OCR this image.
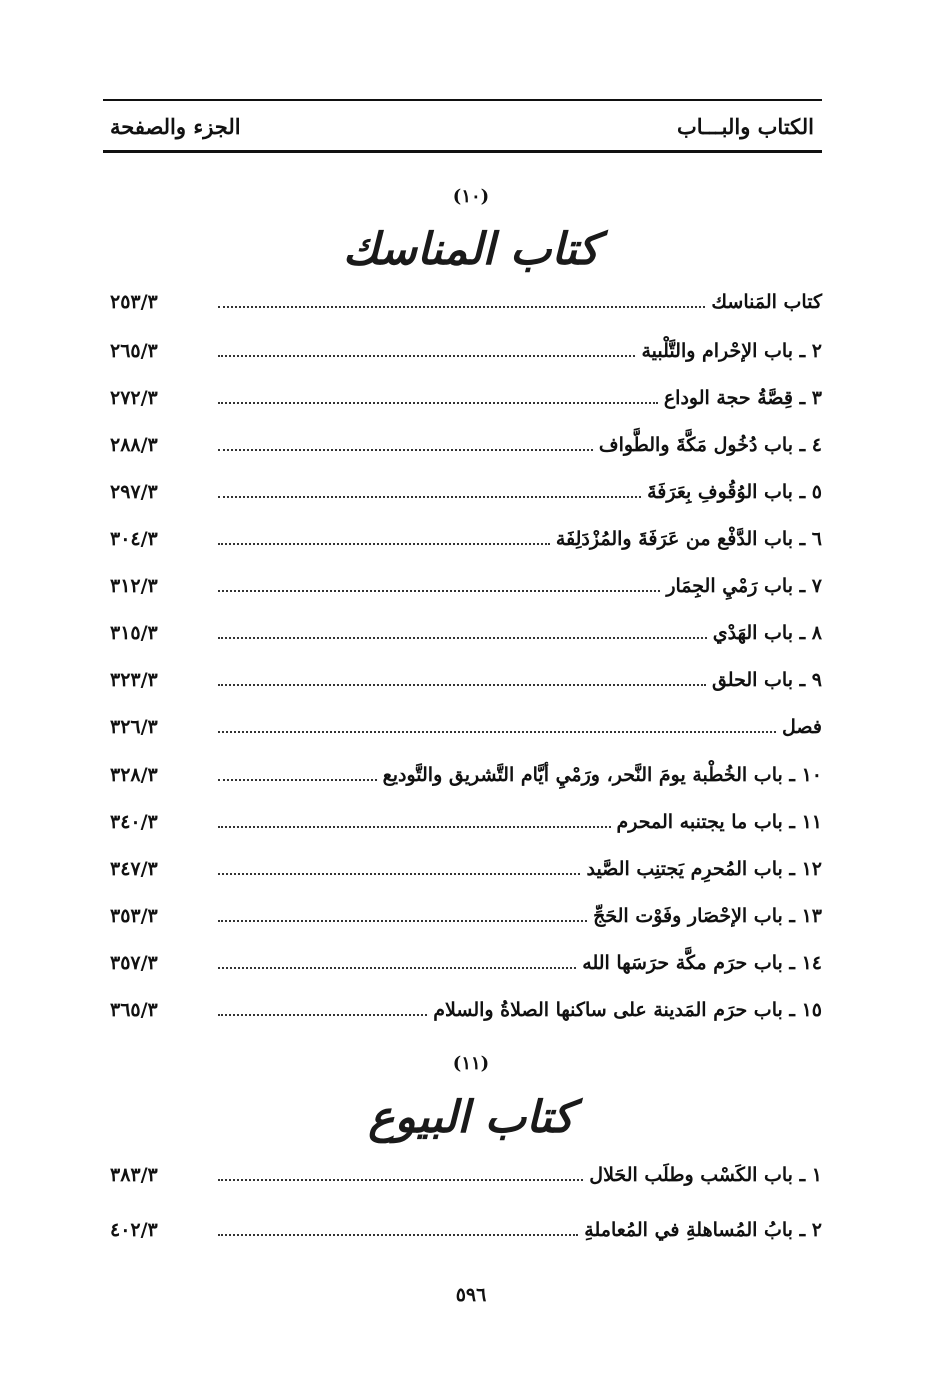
الكتاب والبـــاب
الجزء والصفحة
(١٠)
كتاب المناسك
كتاب المَناسك
٢٥٣/٣
٢ ـ باب الإحْرام والتَّلْبية
٢٦٥/٣
٣ ـ قِصَّةُ حجة الوداع
٢٧٢/٣
٤ ـ باب دُخُول مَكَّةَ والطَّواف
٢٨٨/٣
٥ ـ باب الوُقُوفِ بِعَرَفَةَ
٢٩٧/٣
٦ ـ باب الدَّفْع من عَرَفَةَ والمُزْدَلِفَة
٣٠٤/٣
٧ ـ باب رَمْيِ الجِمَار
٣١٢/٣
٨ ـ باب الهَدْي
٣١٥/٣
٩ ـ باب الحلق
٣٢٣/٣
فصل
٣٢٦/٣
١٠ ـ باب الخُطْبة يومَ النَّحر، ورَمْيِ أيَّام التَّشريق والتَّوديع
٣٢٨/٣
١١ ـ باب ما يجتنبه المحرم
٣٤٠/٣
١٢ ـ باب المُحرِم يَجتنِب الصَّيد
٣٤٧/٣
١٣ ـ باب الإحْصَار وفَوْت الحَجِّ
٣٥٣/٣
١٤ ـ باب حرَم مكَّة حرَسَها الله
٣٥٧/٣
١٥ ـ باب حرَم المَدينة على ساكنها الصلاةُ والسلام
٣٦٥/٣
(١١)
كتاب البيوع
١ ـ باب الكَسْب وطلَب الحَلال
٣٨٣/٣
٢ ـ بابُ المُساهلةِ في المُعاملةِ
٤٠٢/٣
٥٩٦
